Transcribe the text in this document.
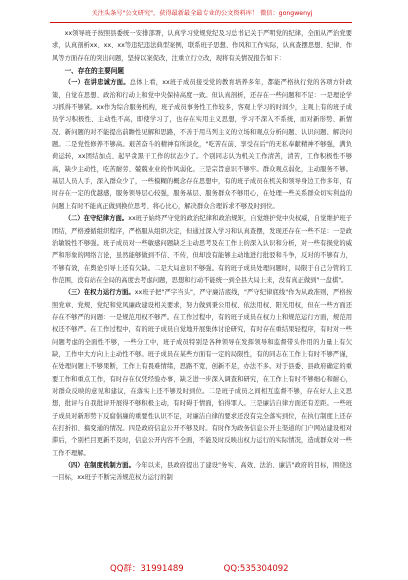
关注头条号"公文研究"，获得最新最全最专业的公文资料库！ 微信：gongwenyj

xx领导班子按照县委统一安排部署，认真学习党规党纪及习总书记关于严明党的纪律，全面从严治党要求，认真剖析xx、xx、xx等违纪违法典型案例，联系班子思想、作风和工作实际，认真查摆思想、纪律、作风等方面存在的突出问题，坚持以案促改，注重立行立改，现将有关情况报告如下：

一、存在的主要问题

（一）在讲忠诚方面。总体上看，xx班子成员接受党的教育培养多年，都能严格执行党的各项方针政策，自觉在思想、政治和行动上和党中央保持高度一致。但认真剖析，还存在一些问题和不足：一是理论学习抓得不够紧。xx作为综合服务机构，班子成员事务性工作较多，客观上学习的时间少，主观上有的班子成员学习积极性、主动性不高，即使学习了，也存在实用主义思想，学习不深入不系统，而对新形势、新情况、新问题的对不能提出前瞻性见解和思路，不善于用马列主义的立场和观点分析问题、认识问题、解决问题。二是党性修养不够高。艰苦奋斗的精神有所淡化，"吃苦在前、享受在后"的无私奉献精神不够强，满负荷运转，xx团结加点、起早贪黑干工作的状态少了。个别同志认为机关工作清苦，清苦，工作积极性不够高，缺少主动性，吃苦耐劳、兢兢业业的作风弱化。三是宗旨意识不够牢。群众观点弱化，主动服务不够。基层人员人手，深入群众少了，一些模糊的概念存在思想中，有的班子成员在机关和领导身边工作多年，有时存在一定的优越感，服务领导层心较强，服务基层、服务群众不够用心，在处理一些关系群众切实利益的问题上有时不能真正做到换位思考、将心比心，解决群众合理诉求不够及时到位。

（二）在守纪律方面。xx班子始终严守党的政治纪律和政治规矩，自觉维护党中央权威，自觉维护班子团结，严格遵循组织程序，严格服从组织决定，但通过深入学习和认真查摆，发现还存在一些不足：一是政治敏锐性不够强。班子成员对一些敏感问题缺乏主动思考及在工作上的深入认识和分析，对一些有损党的威严和形象的网络言论，虽然能够做到不信、不传，但却没有能够主动地进行批驳和斗争，反对的不够有力，不够有效，在舆论引导上还有欠缺。二是大局意识不够强。有的班子成员处理问题时，局限于自己分管的工作范围，没有站在全局的高度去考虑问题，思想和行动不能统一到全县大局上来，没有真正做到"一盘棋"。

（三）在权力运行方面。xx班子把"严字当头"，严守廉洁底线，"严守纪律底线"作为从政准则，严格按照党章、党规、党纪和党风廉政建设相关要求，努力做到秉公用权、依法用权、阳光用权，但在一些方面还存在不够严的问题：一是规范用权不够严。在工作过程中，有的班子成员在权力上和规范运行方面，规范用权还不够严。在工作过程中，有的班子成员自觉地开展集体讨论研究，有时存在重结果轻程序，有时对一些问题考虑的全面性不够，一些分工中，班子成员特别是各种领导在发挥领导和监督带头作用的力量上有欠缺，工作中大方向上主动性不够。班子成员在某些方面有一定的局限性，有的同志在工作上有时不够严谨，在处理问题上不够果断，工作上有畏难情绪，思路不宽，创新不足，办法不多。对于县委、县政府确定的重要工作和重点工作，有时存在仅凭经验办事，缺乏进一步深入调查和研究，在工作上有时不够细心和耐心，对群众反映的意见和建议，在落实上还不够及时到位。二是班子成员之间相互监督不够，存在好人主义思想，批评与自我批评开展得不够积极主动，有时碍于情面，怕得罪人。三是廉洁自律方面还有差距。一些班子成员对新形势下反腐倡廉的重要性认识不足，对廉洁自律的要求还没有完全落实到位，在执行制度上还存在打折扣、搞变通的情况。四是政府信息公开不够及时。有时作为政务信息公开主渠道的门户网站建设相对滞后，个别栏目更新不及时，信息公开内容不全面，不能及时反映出权力运行的实际情况，造成群众对一些工作不理解。

（四）在制度机制方面。今年以来，县政府提出了建设"务实、高效、法治、廉洁"政府的目标，围绕这一目标，xx班子不断完善规范权力运行的制

QQ群：31991489	QQ:535304092
